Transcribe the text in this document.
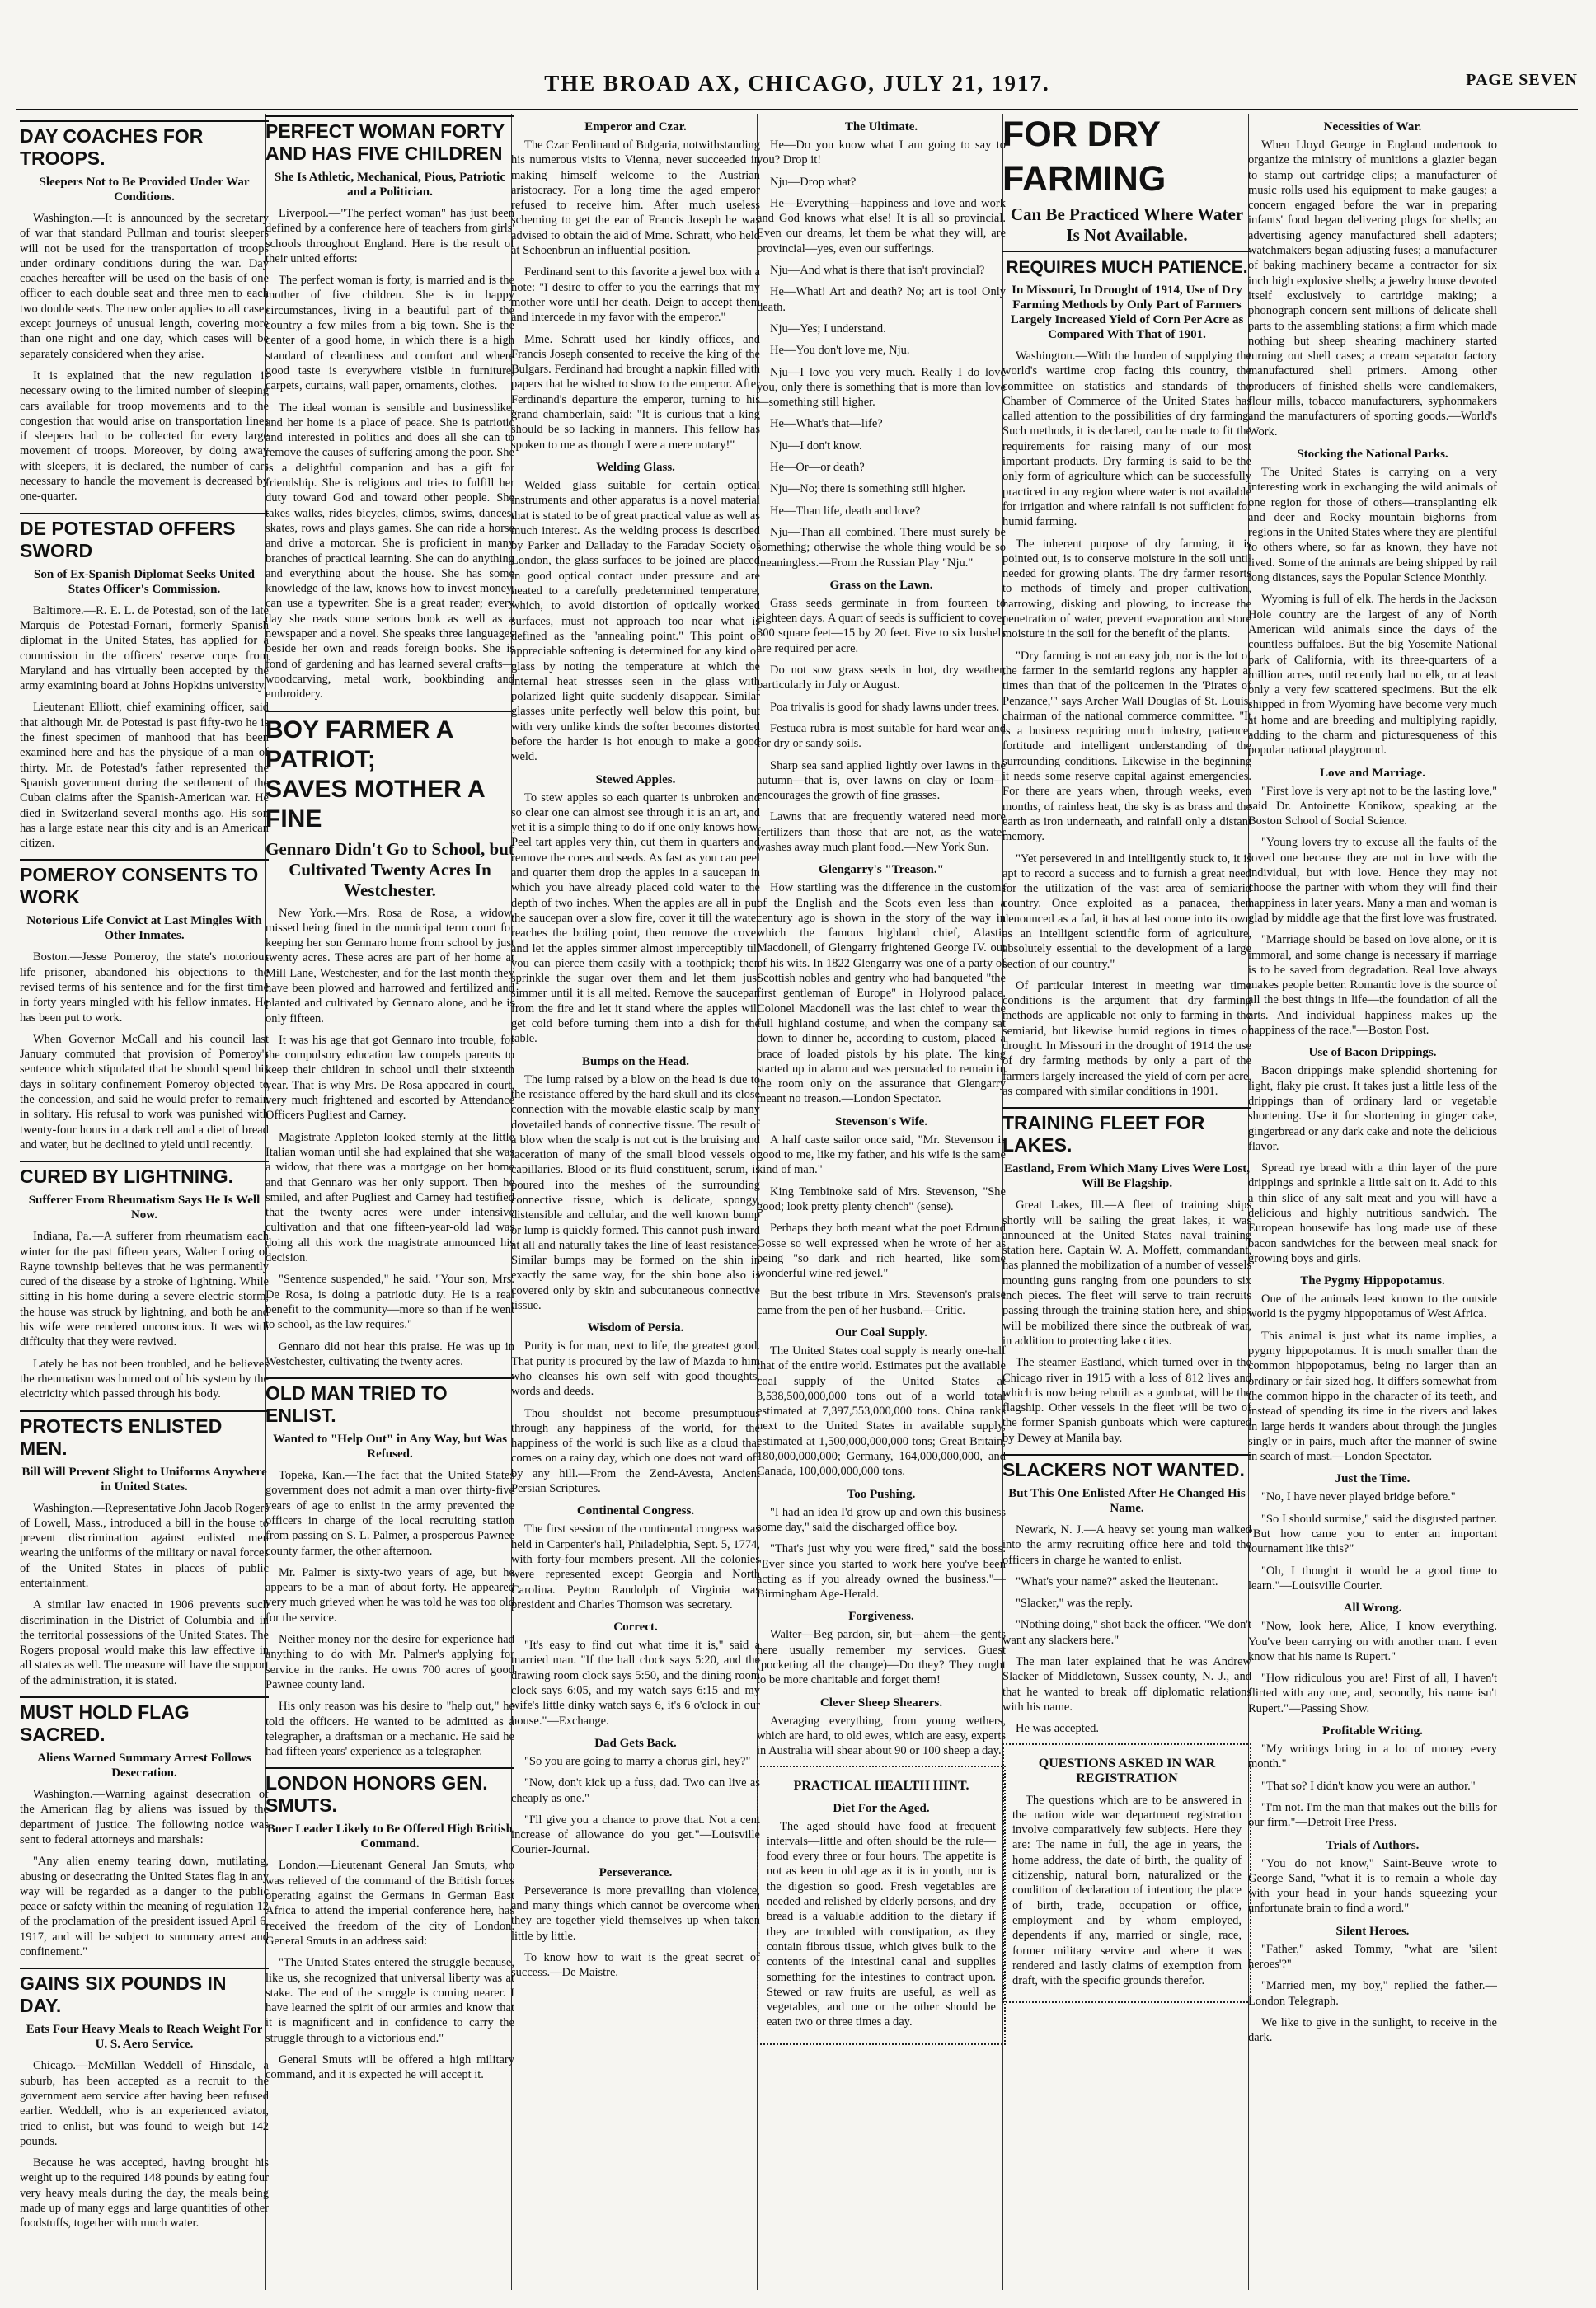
THE BROAD AX, CHICAGO, JULY 21, 1917.	PAGE SEVEN
DAY COACHES FOR TROOPS.
Sleepers Not to Be Provided Under War Conditions.

Washington.—It is announced by the secretary of war that standard Pullman and tourist sleepers will not be used for the transportation of troops under ordinary conditions during the war. Day coaches hereafter will be used on the basis of one officer to each double seat and three men to each two double seats. The new order applies to all cases except journeys of unusual length, covering more than one night and one day, which cases will be separately considered when they arise.

It is explained that the new regulation is necessary owing to the limited number of sleeping cars available for troop movements and to the congestion that would arise on transportation lines if sleepers had to be collected for every large movement of troops. Moreover, by doing away with sleepers, it is declared, the number of cars necessary to handle the movement is decreased by one-quarter.

DE POTESTAD OFFERS SWORD
Son of Ex-Spanish Diplomat Seeks United States Officer's Commission.

Baltimore.—R. E. L. de Potestad, son of the late Marquis de Potestad-Fornari, formerly Spanish diplomat in the United States, has applied for a commission in the officers' reserve corps from Maryland and has virtually been accepted by the army examining board at Johns Hopkins university.

Lieutenant Elliott, chief examining officer, said that although Mr. de Potestad is past fifty-two he is the finest specimen of manhood that has been examined here and has the physique of a man of thirty. Mr. de Potestad's father represented the Spanish government during the settlement of the Cuban claims after the Spanish-American war. He died in Switzerland several months ago. His son has a large estate near this city and is an American citizen.

POMEROY CONSENTS TO WORK
Notorious Life Convict at Last Mingles With Other Inmates.

Boston.—Jesse Pomeroy, the state's notorious life prisoner, abandoned his objections to the revised terms of his sentence and for the first time in forty years mingled with his fellow inmates. He has been put to work.

When Governor McCall and his council last January commuted that provision of Pomeroy's sentence which stipulated that he should spend his days in solitary confinement Pomeroy objected to the concession, and said he would prefer to remain in solitary. His refusal to work was punished with twenty-four hours in a dark cell and a diet of bread and water, but he declined to yield until recently.

CURED BY LIGHTNING.
Sufferer From Rheumatism Says He Is Well Now.

Indiana, Pa.—A sufferer from rheumatism each winter for the past fifteen years, Walter Loring of Rayne township believes that he was permanently cured of the disease by a stroke of lightning. While sitting in his home during a severe electric storm, the house was struck by lightning, and both he and his wife were rendered unconscious. It was with difficulty that they were revived.

Lately he has not been troubled, and he believes the rheumatism was burned out of his system by the electricity which passed through his body.

PROTECTS ENLISTED MEN.
Bill Will Prevent Slight to Uniforms Anywhere in United States.

Washington.—Representative John Jacob Rogers of Lowell, Mass., introduced a bill in the house to prevent discrimination against enlisted men wearing the uniforms of the military or naval forces of the United States in places of public entertainment.

A similar law enacted in 1906 prevents such discrimination in the District of Columbia and in the territorial possessions of the United States. The Rogers proposal would make this law effective in all states as well. The measure will have the support of the administration, it is stated.

MUST HOLD FLAG SACRED.
Aliens Warned Summary Arrest Follows Desecration.

Washington.—Warning against desecration of the American flag by aliens was issued by the department of justice. The following notice was sent to federal attorneys and marshals:

"Any alien enemy tearing down, mutilating, abusing or desecrating the United States flag in any way will be regarded as a danger to the public peace or safety within the meaning of regulation 12 of the proclamation of the president issued April 6, 1917, and will be subject to summary arrest and confinement."

GAINS SIX POUNDS IN DAY.
Eats Four Heavy Meals to Reach Weight For U. S. Aero Service.

Chicago.—McMillan Weddell of Hinsdale, a suburb, has been accepted as a recruit to the government aero service after having been refused earlier. Weddell, who is an experienced aviator, tried to enlist, but was found to weigh but 142 pounds.

Because he was accepted, having brought his weight up to the required 148 pounds by eating four very heavy meals during the day, the meals being made up of many eggs and large quantities of other foodstuffs, together with much water.

PERFECT WOMAN FORTY
AND HAS FIVE CHILDREN
She Is Athletic, Mechanical, Pious, Patriotic and a Politician.

Liverpool.—"The perfect woman" has just been defined by a conference here of teachers from girls' schools throughout England. Here is the result of their united efforts:

The perfect woman is forty, is married and is the mother of five children. She is in happy circumstances, living in a beautiful part of the country a few miles from a big town. She is the center of a good home, in which there is a high standard of cleanliness and comfort and where good taste is everywhere visible in furniture, carpets, curtains, wall paper, ornaments, clothes.

The ideal woman is sensible and businesslike, and her home is a place of peace. She is patriotic and interested in politics and does all she can to remove the causes of suffering among the poor. She is a delightful companion and has a gift for friendship. She is religious and tries to fulfill her duty toward God and toward other people. She takes walks, rides bicycles, climbs, swims, dances, skates, rows and plays games. She can ride a horse and drive a motorcar. She is proficient in many branches of practical learning. She can do anything and everything about the house. She has some knowledge of the law, knows how to invest money, can use a typewriter. She is a great reader; every day she reads some serious book as well as a newspaper and a novel. She speaks three languages beside her own and reads foreign books. She is fond of gardening and has learned several crafts—woodcarving, metal work, bookbinding and embroidery.

BOY FARMER A PATRIOT;
SAVES MOTHER A FINE
Gennaro Didn't Go to School, but Cultivated Twenty Acres In Westchester.

New York.—Mrs. Rosa de Rosa, a widow, missed being fined in the municipal term court for keeping her son Gennaro home from school by just twenty acres. These acres are part of her home at Mill Lane, Westchester, and for the last month they have been plowed and harrowed and fertilized and planted and cultivated by Gennaro alone, and he is only fifteen.

It was his age that got Gennaro into trouble, for the compulsory education law compels parents to keep their children in school until their sixteenth year. That is why Mrs. De Rosa appeared in court, very much frightened and escorted by Attendance Officers Pugliest and Carney.

Magistrate Appleton looked sternly at the little Italian woman until she had explained that she was a widow, that there was a mortgage on her home and that Gennaro was her only support. Then he smiled, and after Pugliest and Carney had testified that the twenty acres were under intensive cultivation and that one fifteen-year-old lad was doing all this work the magistrate announced his decision.

"Sentence suspended," he said. "Your son, Mrs. De Rosa, is doing a patriotic duty. He is a real benefit to the community—more so than if he went to school, as the law requires."

Gennaro did not hear this praise. He was up in Westchester, cultivating the twenty acres.

OLD MAN TRIED TO ENLIST.
Wanted to "Help Out" in Any Way, but Was Refused.

Topeka, Kan.—The fact that the United States government does not admit a man over thirty-five years of age to enlist in the army prevented the officers in charge of the local recruiting station from passing on S. L. Palmer, a prosperous Pawnee county farmer, the other afternoon.

Mr. Palmer is sixty-two years of age, but he appears to be a man of about forty. He appeared very much grieved when he was told he was too old for the service.

Neither money nor the desire for experience had anything to do with Mr. Palmer's applying for service in the ranks. He owns 700 acres of good Pawnee county land.

His only reason was his desire to "help out," he told the officers. He wanted to be admitted as a telegrapher, a draftsman or a mechanic. He said he had fifteen years' experience as a telegrapher.

LONDON HONORS GEN. SMUTS.
Boer Leader Likely to Be Offered High British Command.

London.—Lieutenant General Jan Smuts, who was relieved of the command of the British forces operating against the Germans in German East Africa to attend the imperial conference here, has received the freedom of the city of London. General Smuts in an address said:

"The United States entered the struggle because, like us, she recognized that universal liberty was at stake. The end of the struggle is coming nearer. I have learned the spirit of our armies and know that it is magnificent and in confidence to carry the struggle through to a victorious end."

General Smuts will be offered a high military command, and it is expected he will accept it.

Emperor and Czar.

The Czar Ferdinand of Bulgaria, notwithstanding his numerous visits to Vienna, never succeeded in making himself welcome to the Austrian aristocracy. For a long time the aged emperor refused to receive him. After much useless scheming to get the ear of Francis Joseph he was advised to obtain the aid of Mme. Schratt, who held at Schoenbrun an influential position.

Ferdinand sent to this favorite a jewel box with a note: "I desire to offer to you the earrings that my mother wore until her death. Deign to accept them and intercede in my favor with the emperor."

Mme. Schratt used her kindly offices, and Francis Joseph consented to receive the king of the Bulgars. Ferdinand had brought a napkin filled with papers that he wished to show to the emperor. After Ferdinand's departure the emperor, turning to his grand chamberlain, said: "It is curious that a king should be so lacking in manners. This fellow has spoken to me as though I were a mere notary!"

Welding Glass.

Welded glass suitable for certain optical instruments and other apparatus is a novel material that is stated to be of great practical value as well as much interest. As the welding process is described by Parker and Dalladay to the Faraday Society of London, the glass surfaces to be joined are placed in good optical contact under pressure and are heated to a carefully predetermined temperature, which, to avoid distortion of optically worked surfaces, must not approach too near what is defined as the "annealing point." This point of appreciable softening is determined for any kind of glass by noting the temperature at which the internal heat stresses seen in the glass with polarized light quite suddenly disappear. Similar glasses unite perfectly well below this point, but with very unlike kinds the softer becomes distorted before the harder is hot enough to make a good weld.

Stewed Apples.

To stew apples so each quarter is unbroken and so clear one can almost see through it is an art, and yet it is a simple thing to do if one only knows how. Peel tart apples very thin, cut them in quarters and remove the cores and seeds. As fast as you can peel and quarter them drop the apples in a saucepan in which you have already placed cold water to the depth of two inches. When the apples are all in put the saucepan over a slow fire, cover it till the water reaches the boiling point, then remove the cover and let the apples simmer almost imperceptibly till you can pierce them easily with a toothpick; then sprinkle the sugar over them and let them just simmer until it is all melted. Remove the saucepan from the fire and let it stand where the apples will get cold before turning them into a dish for the table.

Bumps on the Head.

The lump raised by a blow on the head is due to the resistance offered by the hard skull and its close connection with the movable elastic scalp by many dovetailed bands of connective tissue. The result of a blow when the scalp is not cut is the bruising and laceration of many of the small blood vessels or capillaries. Blood or its fluid constituent, serum, is poured into the meshes of the surrounding connective tissue, which is delicate, spongy, distensible and cellular, and the well known bump or lump is quickly formed. This cannot push inward at all and naturally takes the line of least resistance. Similar bumps may be formed on the shin in exactly the same way, for the shin bone also is covered only by skin and subcutaneous connective tissue.

Wisdom of Persia.

Purity is for man, next to life, the greatest good. That purity is procured by the law of Mazda to him who cleanses his own self with good thoughts, words and deeds.

Thou shouldst not become presumptuous through any happiness of the world, for the happiness of the world is such like as a cloud that comes on a rainy day, which one does not ward off by any hill.—From the Zend-Avesta, Ancient Persian Scriptures.

Continental Congress.

The first session of the continental congress was held in Carpenter's hall, Philadelphia, Sept. 5, 1774, with forty-four members present. All the colonies were represented except Georgia and North Carolina. Peyton Randolph of Virginia was president and Charles Thomson was secretary.

Correct.

"It's easy to find out what time it is," said a married man. "If the hall clock says 5:20, and the drawing room clock says 5:50, and the dining room clock says 6:05, and my watch says 6:15 and my wife's little dinky watch says 6, it's 6 o'clock in our house."—Exchange.

Dad Gets Back.

"So you are going to marry a chorus girl, hey?"

"Now, don't kick up a fuss, dad. Two can live as cheaply as one."

"I'll give you a chance to prove that. Not a cent increase of allowance do you get."—Louisville Courier-Journal.

Perseverance.

Perseverance is more prevailing than violence, and many things which cannot be overcome when they are together yield themselves up when taken little by little.

To know how to wait is the great secret of success.—De Maistre.

The Ultimate.

He—Do you know what I am going to say to you? Drop it!

Nju—Drop what?

He—Everything—happiness and love and work and God knows what else! It is all so provincial. Even our dreams, let them be what they will, are provincial—yes, even our sufferings.

Nju—And what is there that isn't provincial?

He—What! Art and death? No; art is too! Only death.

Nju—Yes; I understand.

He—You don't love me, Nju.

Nju—I love you very much. Really I do love you, only there is something that is more than love—something still higher.

He—What's that—life?

Nju—I don't know.

He—Or—or death?

Nju—No; there is something still higher.

He—Than life, death and love?

Nju—Than all combined. There must surely be something; otherwise the whole thing would be so meaningless.—From the Russian Play "Nju."

Grass on the Lawn.

Grass seeds germinate in from fourteen to eighteen days. A quart of seeds is sufficient to cover 300 square feet—15 by 20 feet. Five to six bushels are required per acre.

Do not sow grass seeds in hot, dry weather, particularly in July or August.

Poa trivalis is good for shady lawns under trees.

Festuca rubra is most suitable for hard wear and for dry or sandy soils.

Sharp sea sand applied lightly over lawns in the autumn—that is, over lawns on clay or loam—encourages the growth of fine grasses.

Lawns that are frequently watered need more fertilizers than those that are not, as the water washes away much plant food.—New York Sun.

Glengarry's "Treason."

How startling was the difference in the customs of the English and the Scots even less than a century ago is shown in the story of the way in which the famous highland chief, Alastir Macdonell, of Glengarry frightened George IV. out of his wits. In 1822 Glengarry was one of a party of Scottish nobles and gentry who had banqueted "the first gentleman of Europe" in Holyrood palace. Colonel Macdonell was the last chief to wear the full highland costume, and when the company sat down to dinner he, according to custom, placed a brace of loaded pistols by his plate. The king started up in alarm and was persuaded to remain in the room only on the assurance that Glengarry meant no treason.—London Spectator.

Stevenson's Wife.

A half caste sailor once said, "Mr. Stevenson is good to me, like my father, and his wife is the same kind of man."

King Tembinoke said of Mrs. Stevenson, "She good; look pretty plenty chench" (sense).

Perhaps they both meant what the poet Edmund Gosse so well expressed when he wrote of her as being "so dark and rich hearted, like some wonderful wine-red jewel."

But the best tribute in Mrs. Stevenson's praise came from the pen of her husband.—Critic.

Our Coal Supply.

The United States coal supply is nearly one-half that of the entire world. Estimates put the available coal supply of the United States at 3,538,500,000,000 tons out of a world total estimated at 7,397,553,000,000 tons. China ranks next to the United States in available supply, estimated at 1,500,000,000,000 tons; Great Britain, 180,000,000,000; Germany, 164,000,000,000, and Canada, 100,000,000,000 tons.

Too Pushing.

"I had an idea I'd grow up and own this business some day," said the discharged office boy.

"That's just why you were fired," said the boss. "Ever since you started to work here you've been acting as if you already owned the business."—Birmingham Age-Herald.

Forgiveness.

Walter—Beg pardon, sir, but—ahem—the gents here usually remember my services. Guest (pocketing all the change)—Do they? They ought to be more charitable and forget them!

Clever Sheep Shearers.

Averaging everything, from young wethers, which are hard, to old ewes, which are easy, experts in Australia will shear about 90 or 100 sheep a day.

PRACTICAL HEALTH HINT.
Diet For the Aged.

The aged should have food at frequent intervals—little and often should be the rule—food every three or four hours. The appetite is not as keen in old age as it is in youth, nor is the digestion so good. Fresh vegetables are needed and relished by elderly persons, and dry bread is a valuable addition to the dietary if they are troubled with constipation, as they contain fibrous tissue, which gives bulk to the contents of the intestinal canal and supplies something for the intestines to contract upon. Stewed or raw fruits are useful, as well as vegetables, and one or the other should be eaten two or three times a day.

FOR DRY FARMING
Can Be Practiced Where Water Is Not Available.
REQUIRES MUCH PATIENCE.
In Missouri, In Drought of 1914, Use of Dry Farming Methods by Only Part of Farmers Largely Increased Yield of Corn Per Acre as Compared With That of 1901.

Washington.—With the burden of supplying the world's wartime crop facing this country, the committee on statistics and standards of the Chamber of Commerce of the United States has called attention to the possibilities of dry farming. Such methods, it is declared, can be made to fit the requirements for raising many of our most important products. Dry farming is said to be the only form of agriculture which can be successfully practiced in any region where water is not available for irrigation and where rainfall is not sufficient for humid farming.

The inherent purpose of dry farming, it is pointed out, is to conserve moisture in the soil until needed for growing plants. The dry farmer resorts to methods of timely and proper cultivation, harrowing, disking and plowing, to increase the penetration of water, prevent evaporation and store moisture in the soil for the benefit of the plants.

"Dry farming is not an easy job, nor is the lot of the farmer in the semiarid regions any happier at times than that of the policemen in the 'Pirates of Penzance,'" says Archer Wall Douglas of St. Louis, chairman of the national commerce committee. "It is a business requiring much industry, patience, fortitude and intelligent understanding of the surrounding conditions. Likewise in the beginning it needs some reserve capital against emergencies. For there are years when, through weeks, even months, of rainless heat, the sky is as brass and the earth as iron underneath, and rainfall only a distant memory.

"Yet persevered in and intelligently stuck to, it is apt to record a success and to furnish a great need for the utilization of the vast area of semiarid country. Once exploited as a panacea, then denounced as a fad, it has at last come into its own as an intelligent scientific form of agriculture, absolutely essential to the development of a large section of our country."

Of particular interest in meeting war time conditions is the argument that dry farming methods are applicable not only to farming in the semiarid, but likewise humid regions in times of drought. In Missouri in the drought of 1914 the use of dry farming methods by only a part of the farmers largely increased the yield of corn per acre, as compared with similar conditions in 1901.

TRAINING FLEET FOR LAKES.
Eastland, From Which Many Lives Were Lost, Will Be Flagship.

Great Lakes, Ill.—A fleet of training ships shortly will be sailing the great lakes, it was announced at the United States naval training station here. Captain W. A. Moffett, commandant, has planned the mobilization of a number of vessels mounting guns ranging from one pounders to six inch pieces. The fleet will serve to train recruits passing through the training station here, and ships will be mobilized there since the outbreak of war, in addition to protecting lake cities.

The steamer Eastland, which turned over in the Chicago river in 1915 with a loss of 812 lives and which is now being rebuilt as a gunboat, will be the flagship. Other vessels in the fleet will be two of the former Spanish gunboats which were captured by Dewey at Manila bay.

SLACKERS NOT WANTED.
But This One Enlisted After He Changed His Name.

Newark, N. J.—A heavy set young man walked into the army recruiting office here and told the officers in charge he wanted to enlist.

"What's your name?" asked the lieutenant.

"Slacker," was the reply.

"Nothing doing," shot back the officer. "We don't want any slackers here."

The man later explained that he was Andrew Slacker of Middletown, Sussex county, N. J., and that he wanted to break off diplomatic relations with his name.

He was accepted.

QUESTIONS ASKED IN WAR REGISTRATION

The questions which are to be answered in the nation wide war department registration involve comparatively few subjects. Here they are: The name in full, the age in years, the home address, the date of birth, the quality of citizenship, natural born, naturalized or the condition of declaration of intention; the place of birth, trade, occupation or office, employment and by whom employed, dependents if any, married or single, race, former military service and where it was rendered and lastly claims of exemption from draft, with the specific grounds therefor.

Necessities of War.

When Lloyd George in England undertook to organize the ministry of munitions a glazier began to stamp out cartridge clips; a manufacturer of music rolls used his equipment to make gauges; a concern engaged before the war in preparing infants' food began delivering plugs for shells; an advertising agency manufactured shell adapters; watchmakers began adjusting fuses; a manufacturer of baking machinery became a contractor for six inch high explosive shells; a jewelry house devoted itself exclusively to cartridge making; a phonograph concern sent millions of delicate shell parts to the assembling stations; a firm which made nothing but sheep shearing machinery started turning out shell cases; a cream separator factory manufactured shell primers. Among other producers of finished shells were candlemakers, flour mills, tobacco manufacturers, syphonmakers and the manufacturers of sporting goods.—World's Work.

Stocking the National Parks.

The United States is carrying on a very interesting work in exchanging the wild animals of one region for those of others—transplanting elk and deer and Rocky mountain bighorns from regions in the United States where they are plentiful to others where, so far as known, they have not lived. Some of the animals are being shipped by rail long distances, says the Popular Science Monthly.

Wyoming is full of elk. The herds in the Jackson Hole country are the largest of any of North American wild animals since the days of the countless buffaloes. But the big Yosemite National park of California, with its three-quarters of a million acres, until recently had no elk, or at least only a very few scattered specimens. But the elk shipped in from Wyoming have become very much at home and are breeding and multiplying rapidly, adding to the charm and picturesqueness of this popular national playground.

Love and Marriage.

"First love is very apt not to be the lasting love," said Dr. Antoinette Konikow, speaking at the Boston School of Social Science.

"Young lovers try to excuse all the faults of the loved one because they are not in love with the individual, but with love. Hence they may not choose the partner with whom they will find their happiness in later years. Many a man and woman is glad by middle age that the first love was frustrated.

"Marriage should be based on love alone, or it is immoral, and some change is necessary if marriage is to be saved from degradation. Real love always makes people better. Romantic love is the source of all the best things in life—the foundation of all the arts. And individual happiness makes up the happiness of the race."—Boston Post.

Use of Bacon Drippings.

Bacon drippings make splendid shortening for light, flaky pie crust. It takes just a little less of the drippings than of ordinary lard or vegetable shortening. Use it for shortening in ginger cake, gingerbread or any dark cake and note the delicious flavor.

Spread rye bread with a thin layer of the pure drippings and sprinkle a little salt on it. Add to this a thin slice of any salt meat and you will have a delicious and highly nutritious sandwich. The European housewife has long made use of these bacon sandwiches for the between meal snack for growing boys and girls.

The Pygmy Hippopotamus.

One of the animals least known to the outside world is the pygmy hippopotamus of West Africa.

This animal is just what its name implies, a pygmy hippopotamus. It is much smaller than the common hippopotamus, being no larger than an ordinary or fair sized hog. It differs somewhat from the common hippo in the character of its teeth, and instead of spending its time in the rivers and lakes in large herds it wanders about through the jungles singly or in pairs, much after the manner of swine in search of mast.—London Spectator.

Just the Time.

"No, I have never played bridge before."

"So I should surmise," said the disgusted partner. "But how came you to enter an important tournament like this?"

"Oh, I thought it would be a good time to learn."—Louisville Courier.

All Wrong.

"Now, look here, Alice, I know everything. You've been carrying on with another man. I even know that his name is Rupert."

"How ridiculous you are! First of all, I haven't flirted with any one, and, secondly, his name isn't Rupert."—Passing Show.

Profitable Writing.

"My writings bring in a lot of money every month."

"That so? I didn't know you were an author."

"I'm not. I'm the man that makes out the bills for our firm."—Detroit Free Press.

Trials of Authors.

"You do not know," Saint-Beuve wrote to George Sand, "what it is to remain a whole day with your head in your hands squeezing your unfortunate brain to find a word."

Silent Heroes.

"Father," asked Tommy, "what are 'silent heroes'?"

"Married men, my boy," replied the father.—London Telegraph.

We like to give in the sunlight, to receive in the dark.
